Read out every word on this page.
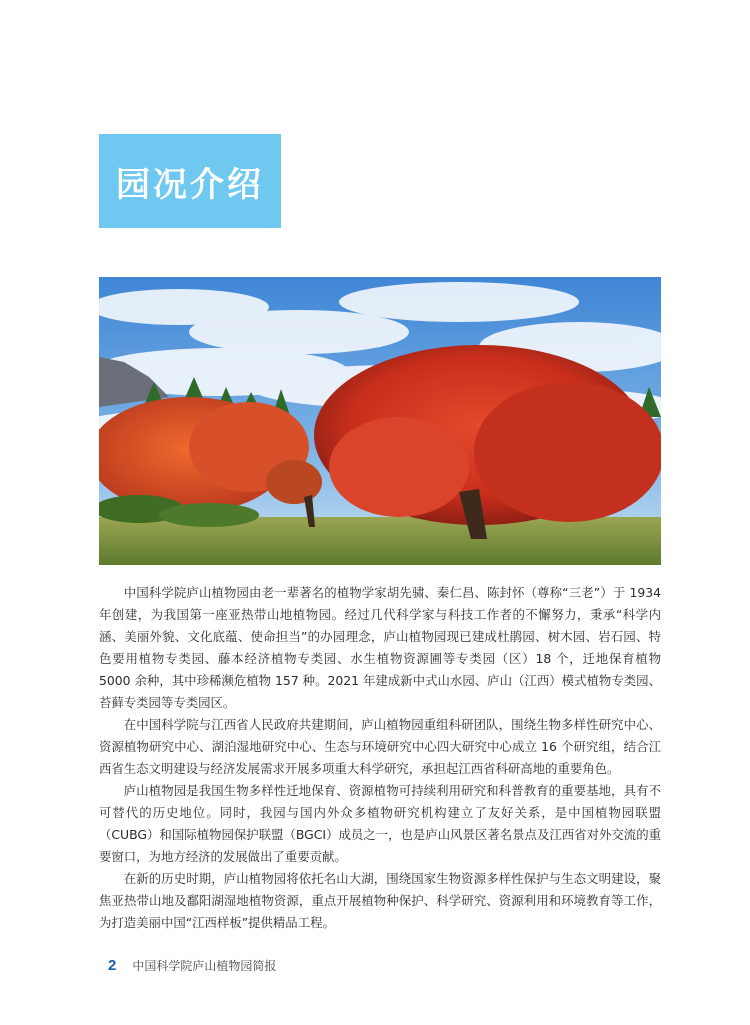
园况介绍

中国科学院庐山植物园由老一辈著名的植物学家胡先骕、秦仁昌、陈封怀（尊称“三老”）于 1934 年创建，为我国第一座亚热带山地植物园。经过几代科学家与科技工作者的不懈努力，秉承“科学内涵、美丽外貌、文化底蕴、使命担当”的办园理念，庐山植物园现已建成杜鹃园、树木园、岩石园、特色要用植物专类园、藤本经济植物专类园、水生植物资源圃等专类园（区）18 个，迁地保育植物 5000 余种，其中珍稀濒危植物 157 种。2021 年建成新中式山水园、庐山（江西）模式植物专类园、苔藓专类园等专类园区。

在中国科学院与江西省人民政府共建期间，庐山植物园重组科研团队，围绕生物多样性研究中心、资源植物研究中心、湖泊湿地研究中心、生态与环境研究中心四大研究中心成立 16 个研究组，结合江西省生态文明建设与经济发展需求开展多项重大科学研究，承担起江西省科研高地的重要角色。

庐山植物园是我国生物多样性迁地保育、资源植物可持续利用研究和科普教育的重要基地，具有不可替代的历史地位。同时，我园与国内外众多植物研究机构建立了友好关系，是中国植物园联盟（CUBG）和国际植物园保护联盟（BGCI）成员之一，也是庐山风景区著名景点及江西省对外交流的重要窗口，为地方经济的发展做出了重要贡献。

在新的历史时期，庐山植物园将依托名山大湖，围绕国家生物资源多样性保护与生态文明建设，聚焦亚热带山地及鄱阳湖湿地植物资源，重点开展植物种保护、科学研究、资源利用和环境教育等工作，为打造美丽中国“江西样板”提供精品工程。

2 中国科学院庐山植物园简报
